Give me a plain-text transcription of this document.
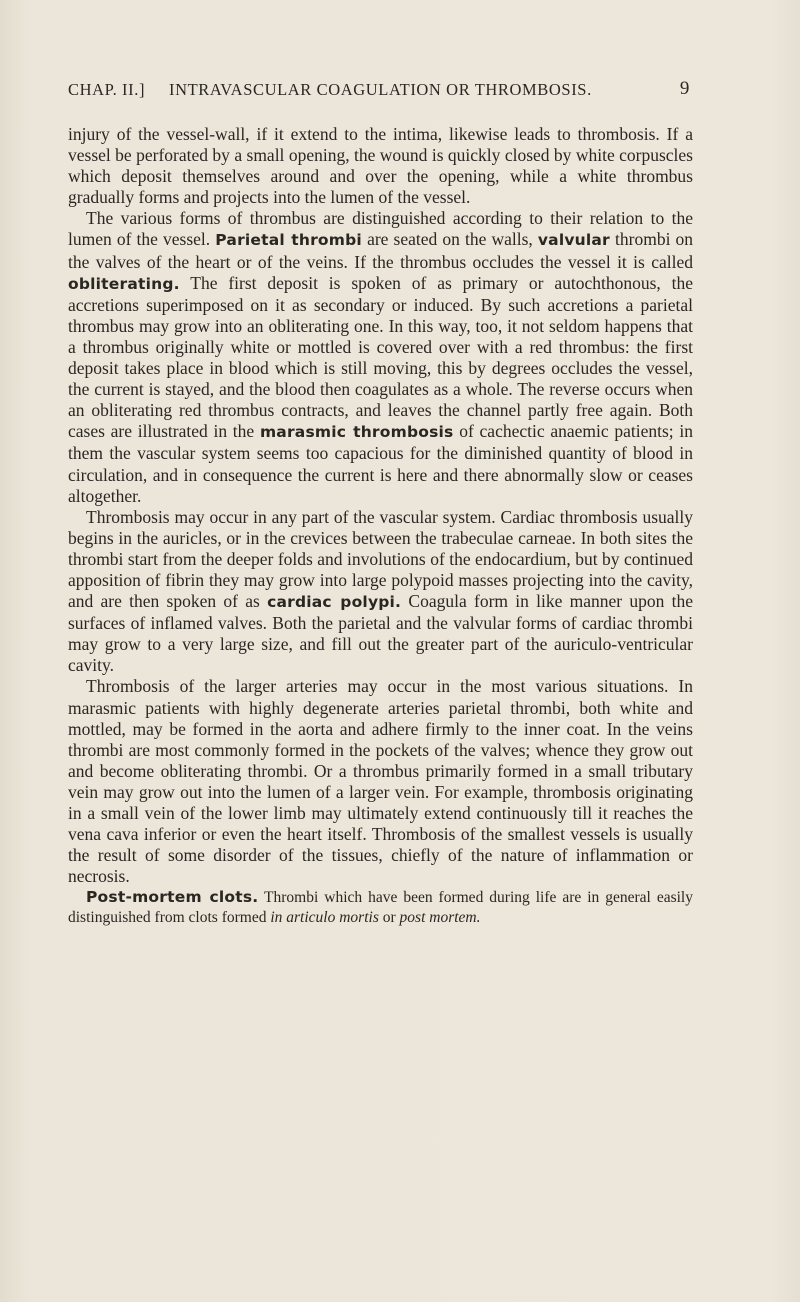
CHAP. II.] INTRAVASCULAR COAGULATION OR THROMBOSIS.	9

injury of the vessel-wall, if it extend to the intima, likewise leads to thrombosis. If a vessel be perforated by a small opening, the wound is quickly closed by white corpuscles which deposit themselves around and over the opening, while a white thrombus gradually forms and projects into the lumen of the vessel.

The various forms of thrombus are distinguished according to their relation to the lumen of the vessel. Parietal thrombi are seated on the walls, valvular thrombi on the valves of the heart or of the veins. If the thrombus occludes the vessel it is called obliterating. The first deposit is spoken of as primary or autochthonous, the accretions superimposed on it as secondary or induced. By such accretions a parietal thrombus may grow into an obliterating one. In this way, too, it not seldom happens that a thrombus originally white or mottled is covered over with a red thrombus: the first deposit takes place in blood which is still moving, this by degrees occludes the vessel, the current is stayed, and the blood then coagulates as a whole. The reverse occurs when an obliterating red thrombus contracts, and leaves the channel partly free again. Both cases are illustrated in the marasmic thrombosis of cachectic anaemic patients; in them the vascular system seems too capacious for the diminished quantity of blood in circulation, and in consequence the current is here and there abnormally slow or ceases altogether.

Thrombosis may occur in any part of the vascular system. Cardiac thrombosis usually begins in the auricles, or in the crevices between the trabeculae carneae. In both sites the thrombi start from the deeper folds and involutions of the endocardium, but by continued apposition of fibrin they may grow into large polypoid masses projecting into the cavity, and are then spoken of as cardiac polypi. Coagula form in like manner upon the surfaces of inflamed valves. Both the parietal and the valvular forms of cardiac thrombi may grow to a very large size, and fill out the greater part of the auriculo-ventricular cavity.

Thrombosis of the larger arteries may occur in the most various situations. In marasmic patients with highly degenerate arteries parietal thrombi, both white and mottled, may be formed in the aorta and adhere firmly to the inner coat. In the veins thrombi are most commonly formed in the pockets of the valves; whence they grow out and become obliterating thrombi. Or a thrombus primarily formed in a small tributary vein may grow out into the lumen of a larger vein. For example, thrombosis originating in a small vein of the lower limb may ultimately extend continuously till it reaches the vena cava inferior or even the heart itself. Thrombosis of the smallest vessels is usually the result of some disorder of the tissues, chiefly of the nature of inflammation or necrosis.

Post-mortem clots. Thrombi which have been formed during life are in general easily distinguished from clots formed in articulo mortis or post mortem.
